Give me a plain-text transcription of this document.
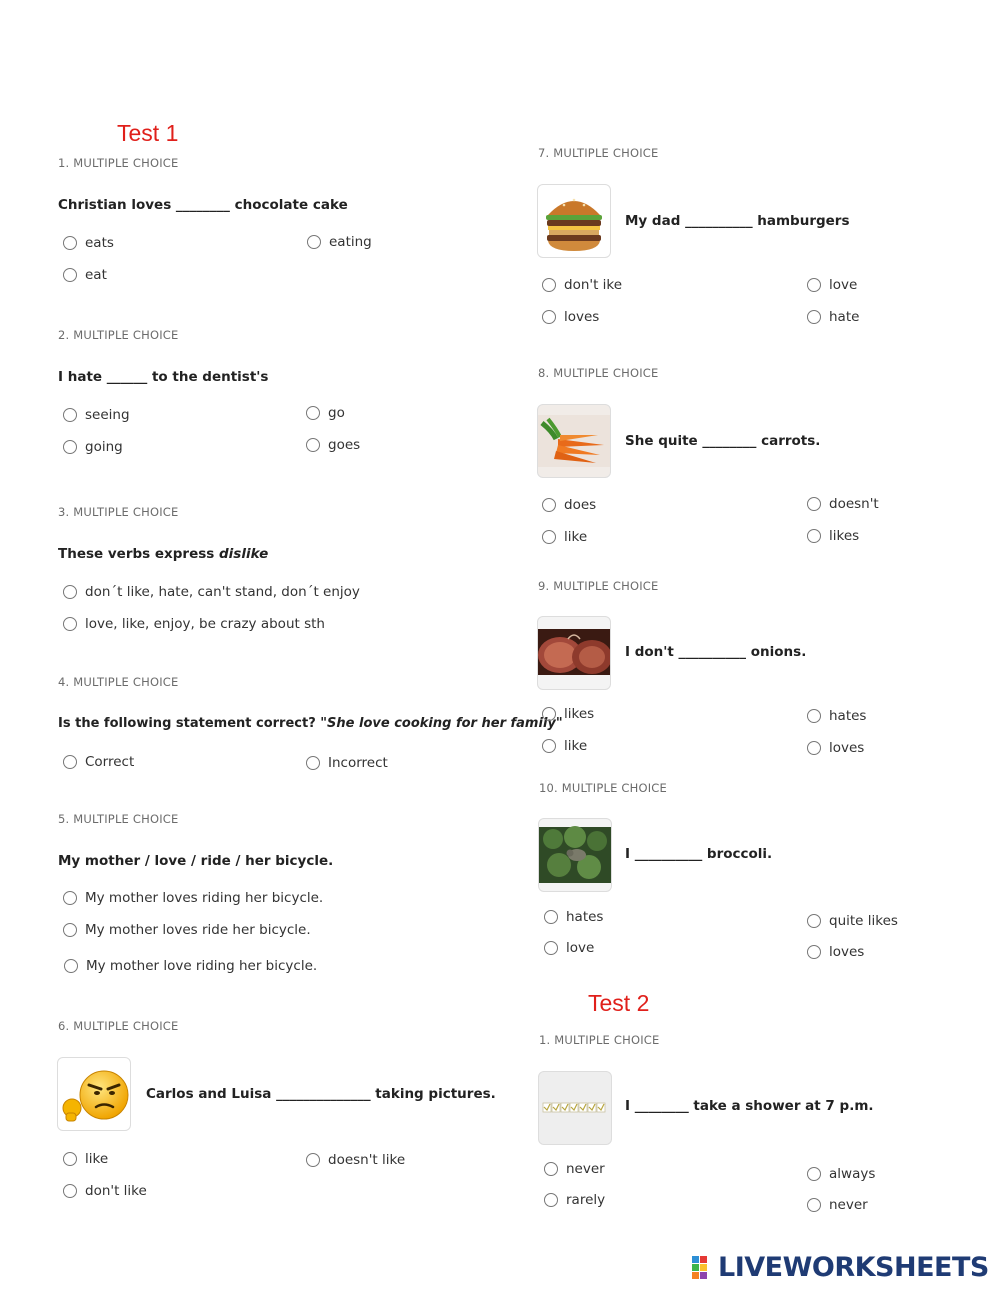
Test 1
Test 2
1. MULTIPLE CHOICE
Christian loves ________ chocolate cake
eats	eating
eat
2. MULTIPLE CHOICE
I hate ______ to the dentist's
seeing	go
going	goes
3. MULTIPLE CHOICE
These verbs express dislike
don´t like, hate, can't stand, don´t enjoy
love, like, enjoy, be crazy about sth
4. MULTIPLE CHOICE
Is the following statement correct? "She love cooking for her family"
Correct	Incorrect
5. MULTIPLE CHOICE
My mother / love / ride / her bicycle.
My mother loves riding her bicycle.
My mother loves ride her bicycle.
My mother love riding her bicycle.
6. MULTIPLE CHOICE
Carlos and Luisa ______________ taking pictures.
like	doesn't like
don't like
7. MULTIPLE CHOICE
My dad __________ hamburgers
don't ike	love
loves	hate
8. MULTIPLE CHOICE
She quite ________ carrots.
does	doesn't
like	likes
9. MULTIPLE CHOICE
I don't __________ onions.
likes	hates
like	loves
10. MULTIPLE CHOICE
I __________ broccoli.
hates	quite likes
love	loves
1. MULTIPLE CHOICE
I ________ take a shower at 7 p.m.
never	always
rarely	never
LIVEWORKSHEETS
